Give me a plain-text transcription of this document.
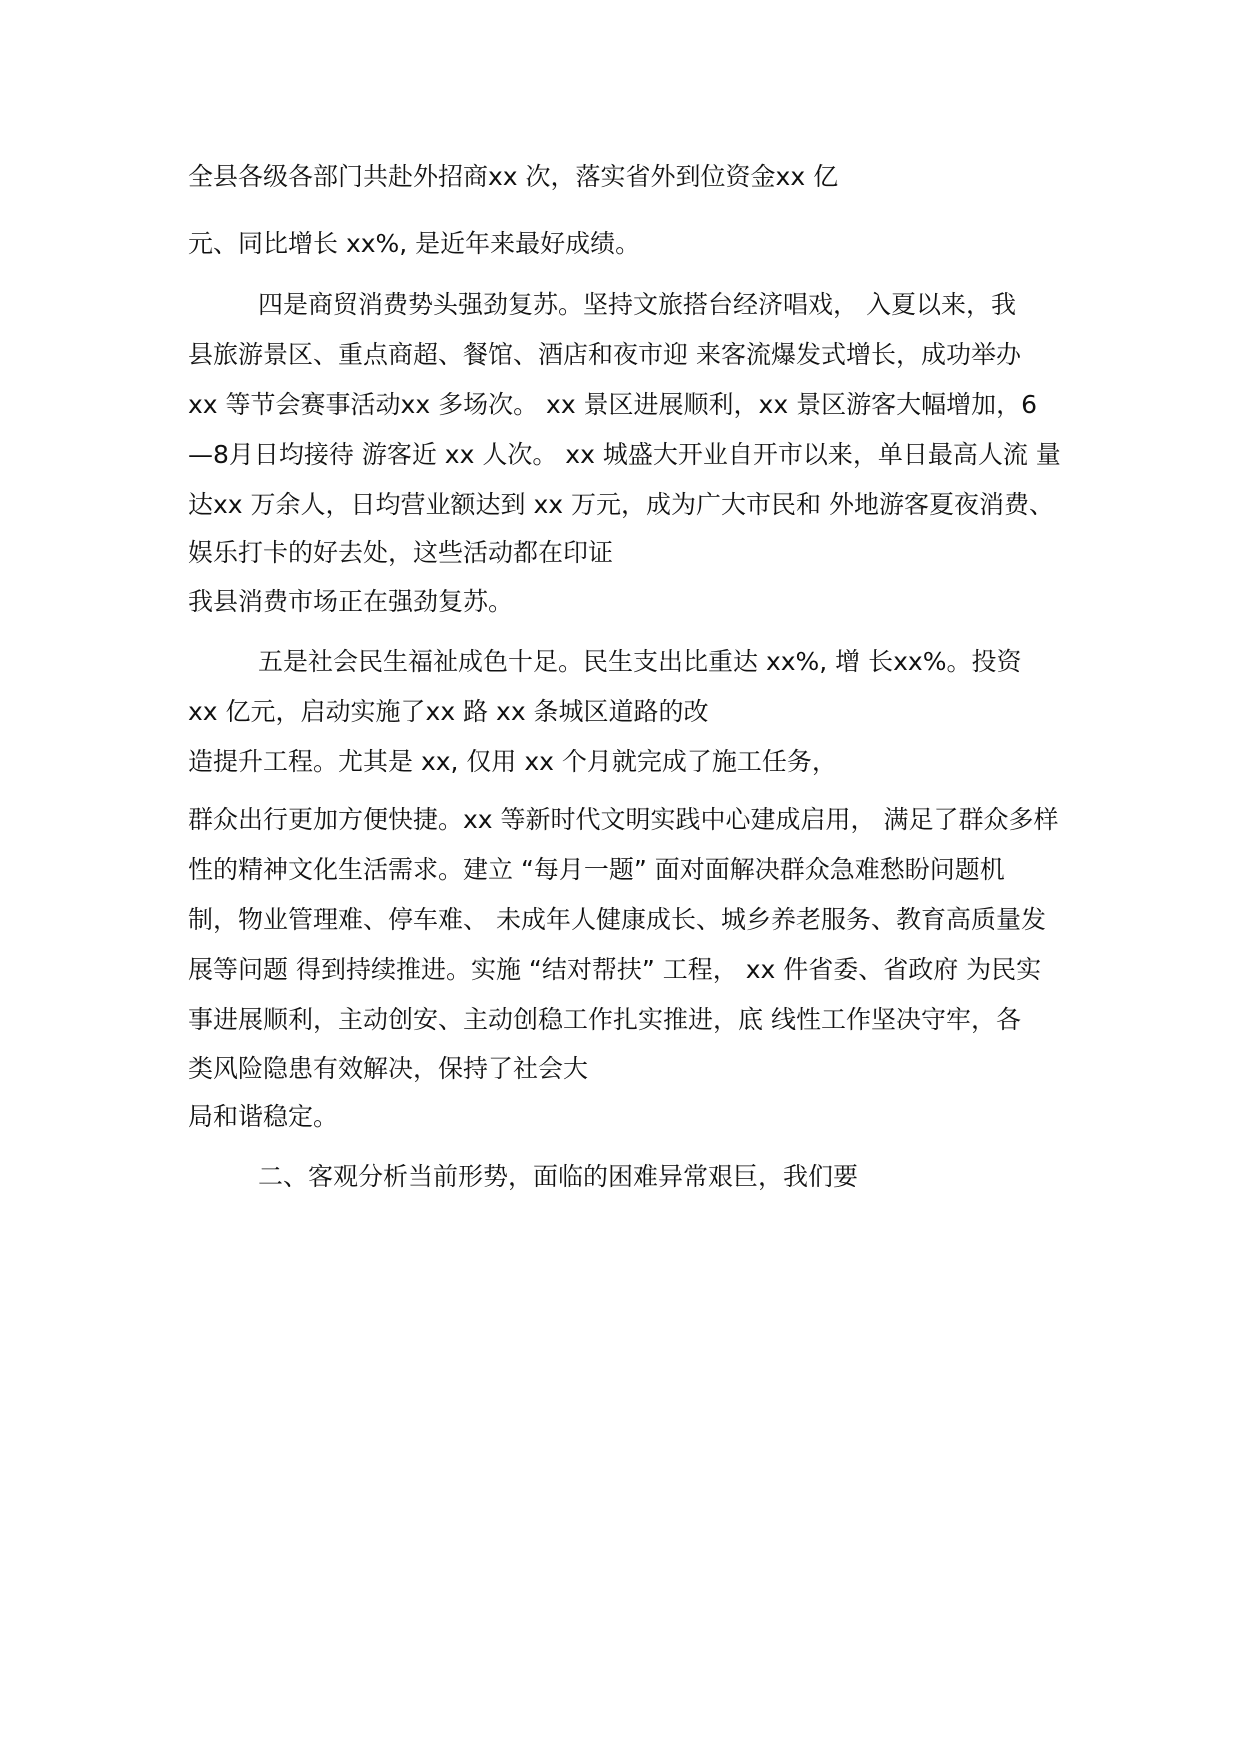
全县各级各部门共赴外招商xx 次，落实省外到位资金xx 亿
元、同比增长 xx%, 是近年来最好成绩。
四是商贸消费势头强劲复苏。坚持文旅搭台经济唱戏， 入夏以来，我
县旅游景区、重点商超、餐馆、酒店和夜市迎 来客流爆发式增长，成功举办
xx 等节会赛事活动xx 多场次。 xx 景区进展顺利，xx 景区游客大幅增加，6
—8月日均接待 游客近 xx 人次。 xx 城盛大开业自开市以来，单日最高人流 量
达xx 万余人，日均营业额达到 xx 万元，成为广大市民和 外地游客夏夜消费、
娱乐打卡的好去处，这些活动都在印证
我县消费市场正在强劲复苏。
五是社会民生福祉成色十足。民生支出比重达 xx%, 增 长xx%。投资
xx 亿元，启动实施了xx 路 xx 条城区道路的改
造提升工程。尤其是 xx, 仅用 xx 个月就完成了施工任务，
群众出行更加方便快捷。xx 等新时代文明实践中心建成启用， 满足了群众多样
性的精神文化生活需求。建立 “每月一题” 面对面解决群众急难愁盼问题机
制，物业管理难、停车难、 未成年人健康成长、城乡养老服务、教育高质量发
展等问题 得到持续推进。实施 “结对帮扶” 工程， xx 件省委、省政府 为民实
事进展顺利，主动创安、主动创稳工作扎实推进，底 线性工作坚决守牢，各
类风险隐患有效解决，保持了社会大
局和谐稳定。
二、客观分析当前形势，面临的困难异常艰巨，我们要
